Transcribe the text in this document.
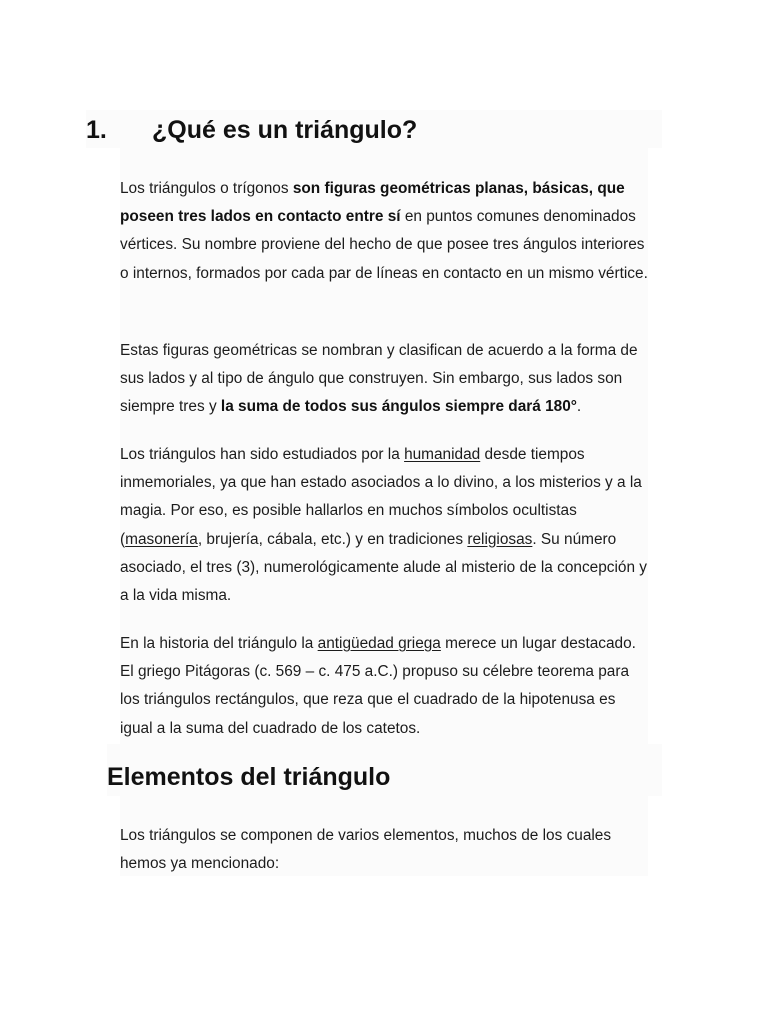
1. ¿Qué es un triángulo?

Los triángulos o trígonos son figuras geométricas planas, básicas, que poseen tres lados en contacto entre sí en puntos comunes denominados vértices. Su nombre proviene del hecho de que posee tres ángulos interiores o internos, formados por cada par de líneas en contacto en un mismo vértice.

Estas figuras geométricas se nombran y clasifican de acuerdo a la forma de sus lados y al tipo de ángulo que construyen. Sin embargo, sus lados son siempre tres y la suma de todos sus ángulos siempre dará 180°.

Los triángulos han sido estudiados por la humanidad desde tiempos inmemoriales, ya que han estado asociados a lo divino, a los misterios y a la magia. Por eso, es posible hallarlos en muchos símbolos ocultistas (masonería, brujería, cábala, etc.) y en tradiciones religiosas. Su número asociado, el tres (3), numerológicamente alude al misterio de la concepción y a la vida misma.

En la historia del triángulo la antigüedad griega merece un lugar destacado. El griego Pitágoras (c. 569 – c. 475 a.C.) propuso su célebre teorema para los triángulos rectángulos, que reza que el cuadrado de la hipotenusa es igual a la suma del cuadrado de los catetos.

Elementos del triángulo

Los triángulos se componen de varios elementos, muchos de los cuales hemos ya mencionado:
